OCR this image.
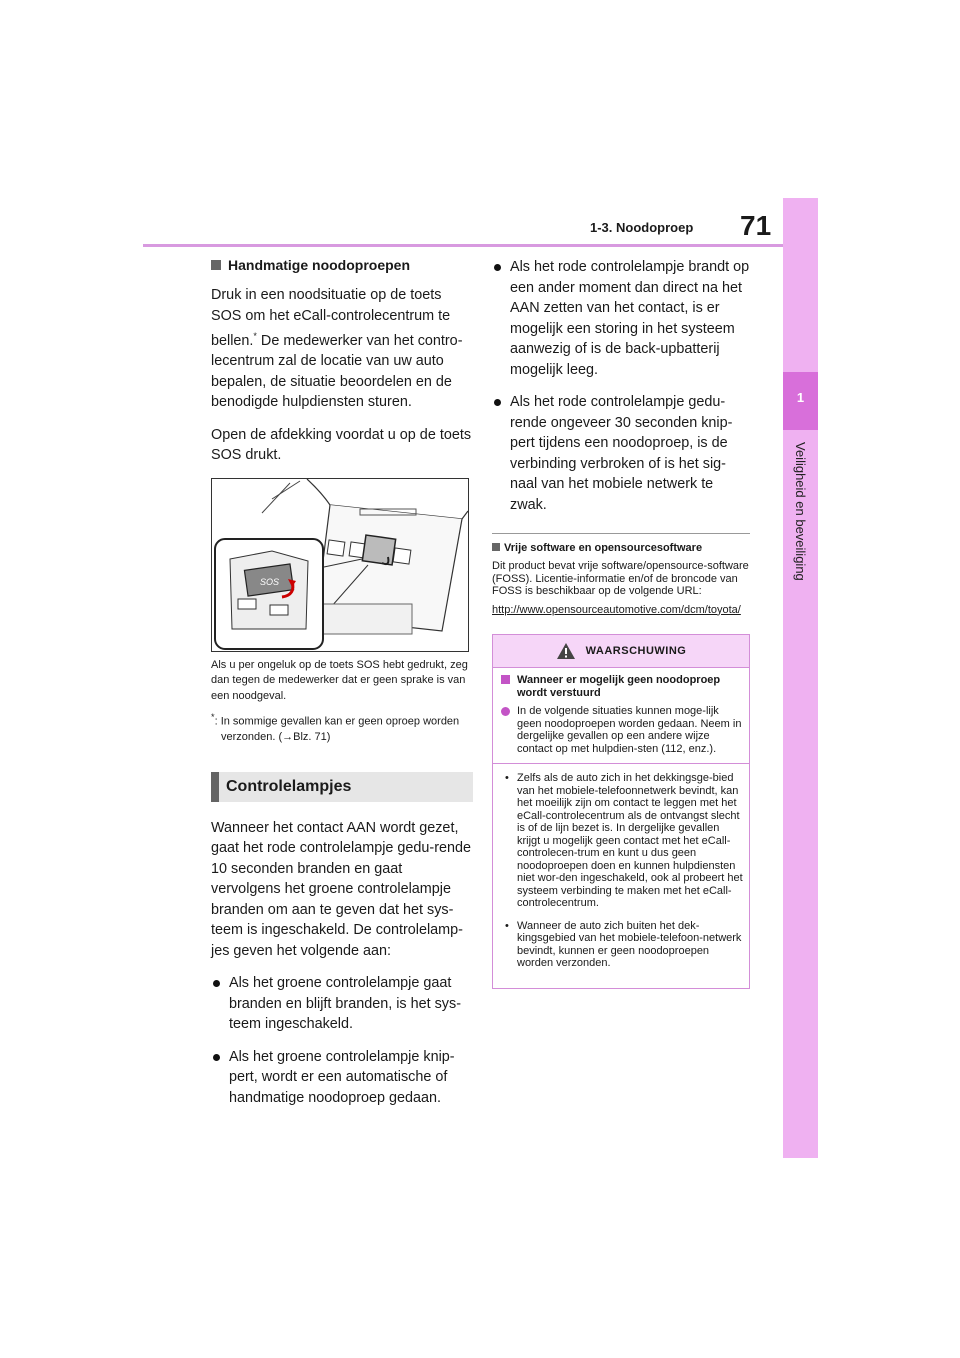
1-3. Noodoproep 71
1
Veiligheid en beveiliging
Handmatige noodoproepen

Druk in een noodsituatie op de toets SOS om het eCall-controlecentrum te bellen.* De medewerker van het contro-lecentrum zal de locatie van uw auto bepalen, de situatie beoordelen en de benodigde hulpdiensten sturen.

Open de afdekking voordat u op de toets SOS drukt.

SOS

Als u per ongeluk op de toets SOS hebt gedrukt, zeg dan tegen de medewerker dat er geen sprake is van een noodgeval.

*: In sommige gevallen kan er geen oproep worden verzonden. (→Blz. 71)

Controlelampjes

Wanneer het contact AAN wordt gezet, gaat het rode controlelampje gedu-rende 10 seconden branden en gaat vervolgens het groene controlelampje branden om aan te geven dat het sys-teem is ingeschakeld. De controlelamp-jes geven het volgende aan:

Als het groene controlelampje gaat branden en blijft branden, is het sys-teem ingeschakeld.
Als het groene controlelampje knip-pert, wordt er een automatische of handmatige noodoproep gedaan.
Als het rode controlelampje brandt op een ander moment dan direct na het AAN zetten van het contact, is er mogelijk een storing in het systeem aanwezig of is de back-upbatterij mogelijk leeg.
Als het rode controlelampje gedu-rende ongeveer 30 seconden knip-pert tijdens een noodoproep, is de verbinding verbroken of is het sig-naal van het mobiele netwerk te zwak.
Vrije software en opensourcesoftware

Dit product bevat vrije software/opensource-software (FOSS). Licentie-informatie en/of de broncode van FOSS is beschikbaar op de volgende URL:

http://www.opensourceautomotive.com/dcm/toyota/

WAARSCHUWING
Wanneer er mogelijk geen noodoproep wordt verstuurd
In de volgende situaties kunnen moge-lijk geen noodoproepen worden gedaan. Neem in dergelijke gevallen op een andere wijze contact op met hulpdien-sten (112, enz.).
• Zelfs als de auto zich in het dekkingsge-bied van het mobiele-telefoonnetwerk bevindt, kan het moeilijk zijn om contact te leggen met het eCall-controlecentrum als de ontvangst slecht is of de lijn bezet is. In dergelijke gevallen krijgt u mogelijk geen contact met het eCall-controlecen-trum en kunt u dus geen noodoproepen doen en kunnen hulpdiensten niet wor-den ingeschakeld, ook al probeert het systeem verbinding te maken met het eCall-controlecentrum.
• Wanneer de auto zich buiten het dek-kingsgebied van het mobiele-telefoon-netwerk bevindt, kunnen er geen noodoproepen worden verzonden.
